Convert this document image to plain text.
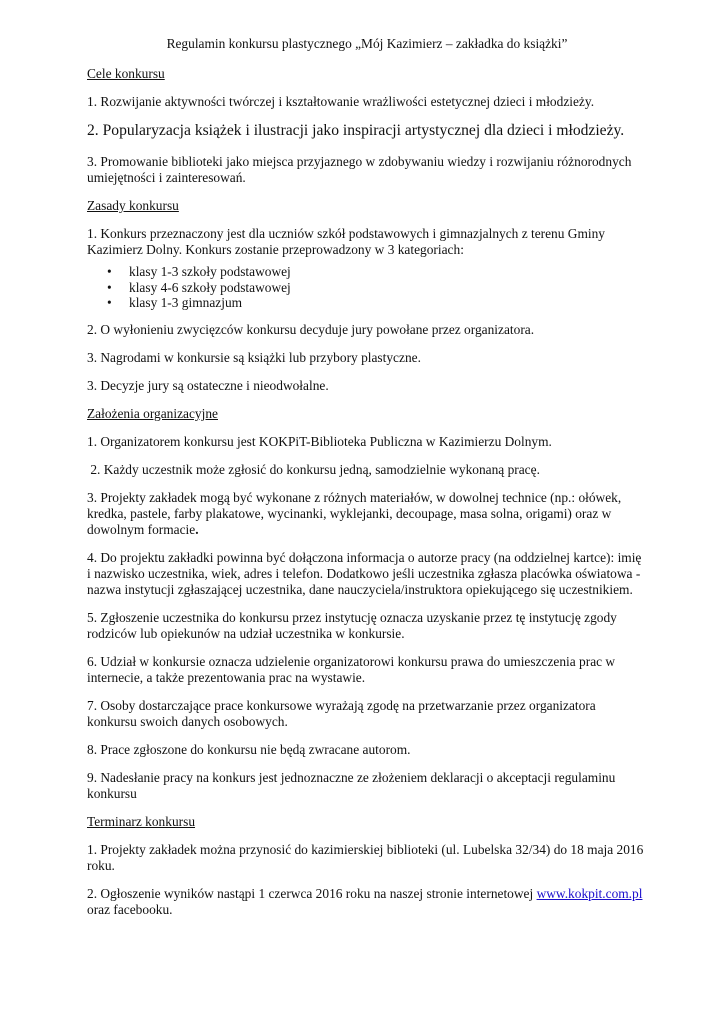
Regulamin konkursu plastycznego „Mój Kazimierz – zakładka do książki”
Cele konkursu

1. Rozwijanie aktywności twórczej i kształtowanie wrażliwości estetycznej dzieci i młodzieży.

2. Popularyzacja książek i ilustracji jako inspiracji artystycznej dla dzieci i młodzieży.

3. Promowanie biblioteki jako miejsca przyjaznego w zdobywaniu wiedzy i rozwijaniu różnorodnych umiejętności i zainteresowań.

Zasady konkursu

1. Konkurs przeznaczony jest dla uczniów szkół podstawowych i gimnazjalnych z terenu Gminy Kazimierz Dolny. Konkurs zostanie przeprowadzony w 3 kategoriach:

• klasy 1-3 szkoły podstawowej
• klasy 4-6 szkoły podstawowej
• klasy 1-3 gimnazjum

2. O wyłonieniu zwycięzców konkursu decyduje jury powołane przez organizatora.

3. Nagrodami w konkursie są książki lub przybory plastyczne.

3. Decyzje jury są ostateczne i nieodwołalne.

Założenia organizacyjne

1. Organizatorem konkursu jest KOKPiT-Biblioteka Publiczna w Kazimierzu Dolnym.

2. Każdy uczestnik może zgłosić do konkursu jedną, samodzielnie wykonaną pracę.

3. Projekty zakładek mogą być wykonane z różnych materiałów, w dowolnej technice (np.: ołówek, kredka, pastele, farby plakatowe, wycinanki, wyklejanki, decoupage, masa solna, origami) oraz w dowolnym formacie.

4. Do projektu zakładki powinna być dołączona informacja o autorze pracy (na oddzielnej kartce): imię i nazwisko uczestnika, wiek, adres i telefon. Dodatkowo jeśli uczestnika zgłasza placówka oświatowa - nazwa instytucji zgłaszającej uczestnika, dane nauczyciela/instruktora opiekującego się uczestnikiem.

5. Zgłoszenie uczestnika do konkursu przez instytucję oznacza uzyskanie przez tę instytucję zgody rodziców lub opiekunów na udział uczestnika w konkursie.

6. Udział w konkursie oznacza udzielenie organizatorowi konkursu prawa do umieszczenia prac w internecie, a także prezentowania prac na wystawie.

7. Osoby dostarczające prace konkursowe wyrażają zgodę na przetwarzanie przez organizatora konkursu swoich danych osobowych.

8. Prace zgłoszone do konkursu nie będą zwracane autorom.

9. Nadesłanie pracy na konkurs jest jednoznaczne ze złożeniem deklaracji o akceptacji regulaminu konkursu

Terminarz konkursu

1. Projekty zakładek można przynosić do kazimierskiej biblioteki (ul. Lubelska 32/34) do 18 maja 2016 roku.

2. Ogłoszenie wyników nastąpi 1 czerwca 2016 roku na naszej stronie internetowej www.kokpit.com.pl oraz facebooku.
